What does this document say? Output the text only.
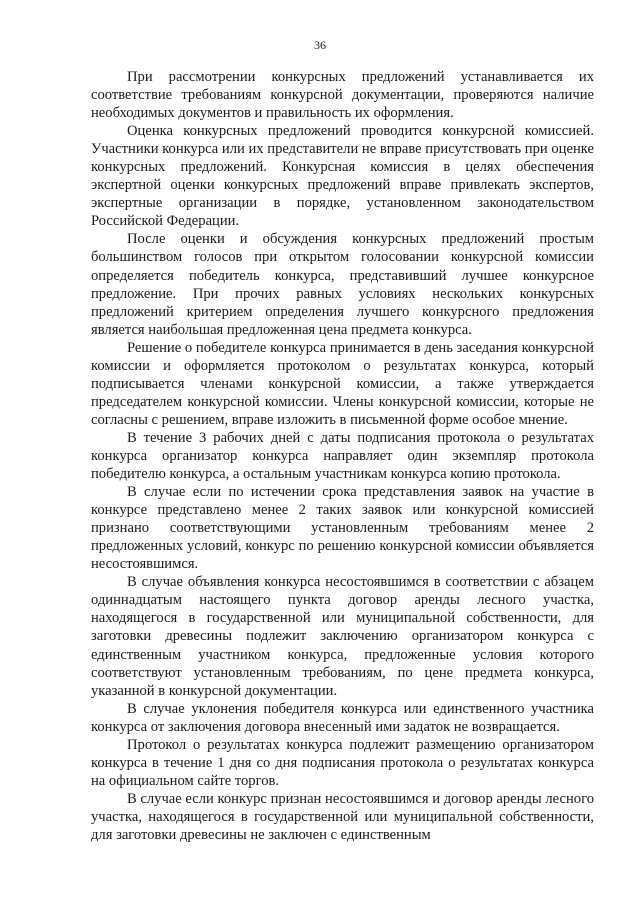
36

При рассмотрении конкурсных предложений устанавливается их соответствие требованиям конкурсной документации, проверяются наличие необходимых документов и правильность их оформления.

Оценка конкурсных предложений проводится конкурсной комиссией. Участники конкурса или их представители не вправе присутствовать при оценке конкурсных предложений. Конкурсная комиссия в целях обеспечения экспертной оценки конкурсных предложений вправе привлекать экспертов, экспертные организации в порядке, установленном законодательством Российской Федерации.

После оценки и обсуждения конкурсных предложений простым большинством голосов при открытом голосовании конкурсной комиссии определяется победитель конкурса, представивший лучшее конкурсное предложение. При прочих равных условиях нескольких конкурсных предложений критерием определения лучшего конкурсного предложения является наибольшая предложенная цена предмета конкурса.

Решение о победителе конкурса принимается в день заседания конкурсной комиссии и оформляется протоколом о результатах конкурса, который подписывается членами конкурсной комиссии, а также утверждается председателем конкурсной комиссии. Члены конкурсной комиссии, которые не согласны с решением, вправе изложить в письменной форме особое мнение.

В течение 3 рабочих дней с даты подписания протокола о результатах конкурса организатор конкурса направляет один экземпляр протокола победителю конкурса, а остальным участникам конкурса копию протокола.

В случае если по истечении срока представления заявок на участие в конкурсе представлено менее 2 таких заявок или конкурсной комиссией признано соответствующими установленным требованиям менее 2 предложенных условий, конкурс по решению конкурсной комиссии объявляется несостоявшимся.

В случае объявления конкурса несостоявшимся в соответствии с абзацем одиннадцатым настоящего пункта договор аренды лесного участка, находящегося в государственной или муниципальной собственности, для заготовки древесины подлежит заключению организатором конкурса с единственным участником конкурса, предложенные условия которого соответствуют установленным требованиям, по цене предмета конкурса, указанной в конкурсной документации.

В случае уклонения победителя конкурса или единственного участника конкурса от заключения договора внесенный ими задаток не возвращается.

Протокол о результатах конкурса подлежит размещению организатором конкурса в течение 1 дня со дня подписания протокола о результатах конкурса на официальном сайте торгов.

В случае если конкурс признан несостоявшимся и договор аренды лесного участка, находящегося в государственной или муниципальной собственности, для заготовки древесины не заключен с единственным
